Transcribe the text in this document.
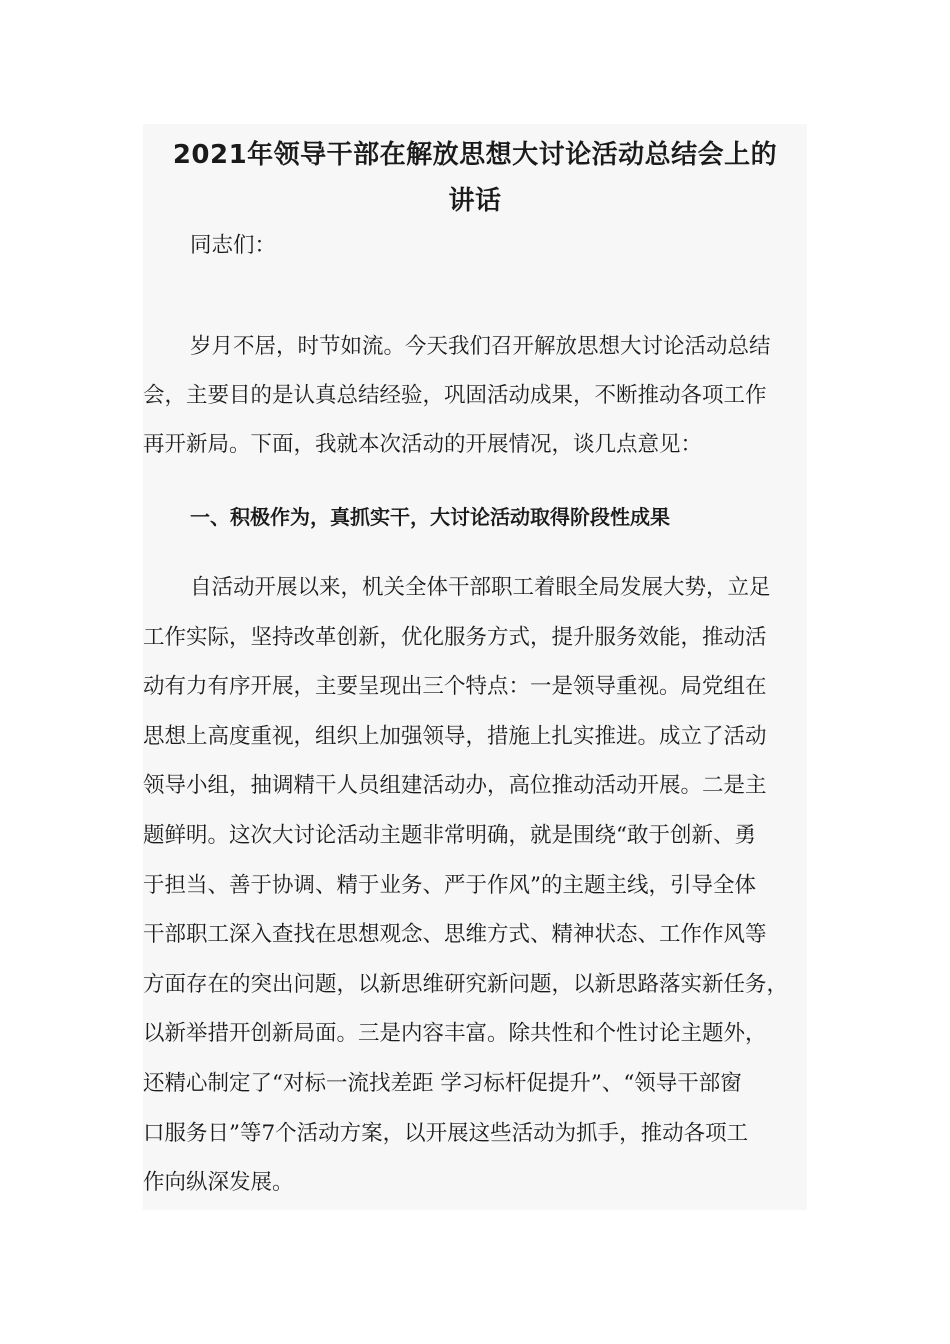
2021年领导干部在解放思想大讨论活动总结会上的
讲话
同志们：
岁月不居，时节如流。今天我们召开解放思想大讨论活动总结
会，主要目的是认真总结经验，巩固活动成果，不断推动各项工作
再开新局。下面，我就本次活动的开展情况，谈几点意见：
一、积极作为，真抓实干，大讨论活动取得阶段性成果
自活动开展以来，机关全体干部职工着眼全局发展大势，立足
工作实际，坚持改革创新，优化服务方式，提升服务效能，推动活
动有力有序开展，主要呈现出三个特点：一是领导重视。局党组在
思想上高度重视，组织上加强领导，措施上扎实推进。成立了活动
领导小组，抽调精干人员组建活动办，高位推动活动开展。二是主
题鲜明。这次大讨论活动主题非常明确，就是围绕“敢于创新、勇
于担当、善于协调、精于业务、严于作风”的主题主线，引导全体
干部职工深入查找在思想观念、思维方式、精神状态、工作作风等
方面存在的突出问题，以新思维研究新问题，以新思路落实新任务，
以新举措开创新局面。三是内容丰富。除共性和个性讨论主题外，
还精心制定了“对标一流找差距 学习标杆促提升”、“领导干部窗
口服务日”等7个活动方案，以开展这些活动为抓手，推动各项工
作向纵深发展。
